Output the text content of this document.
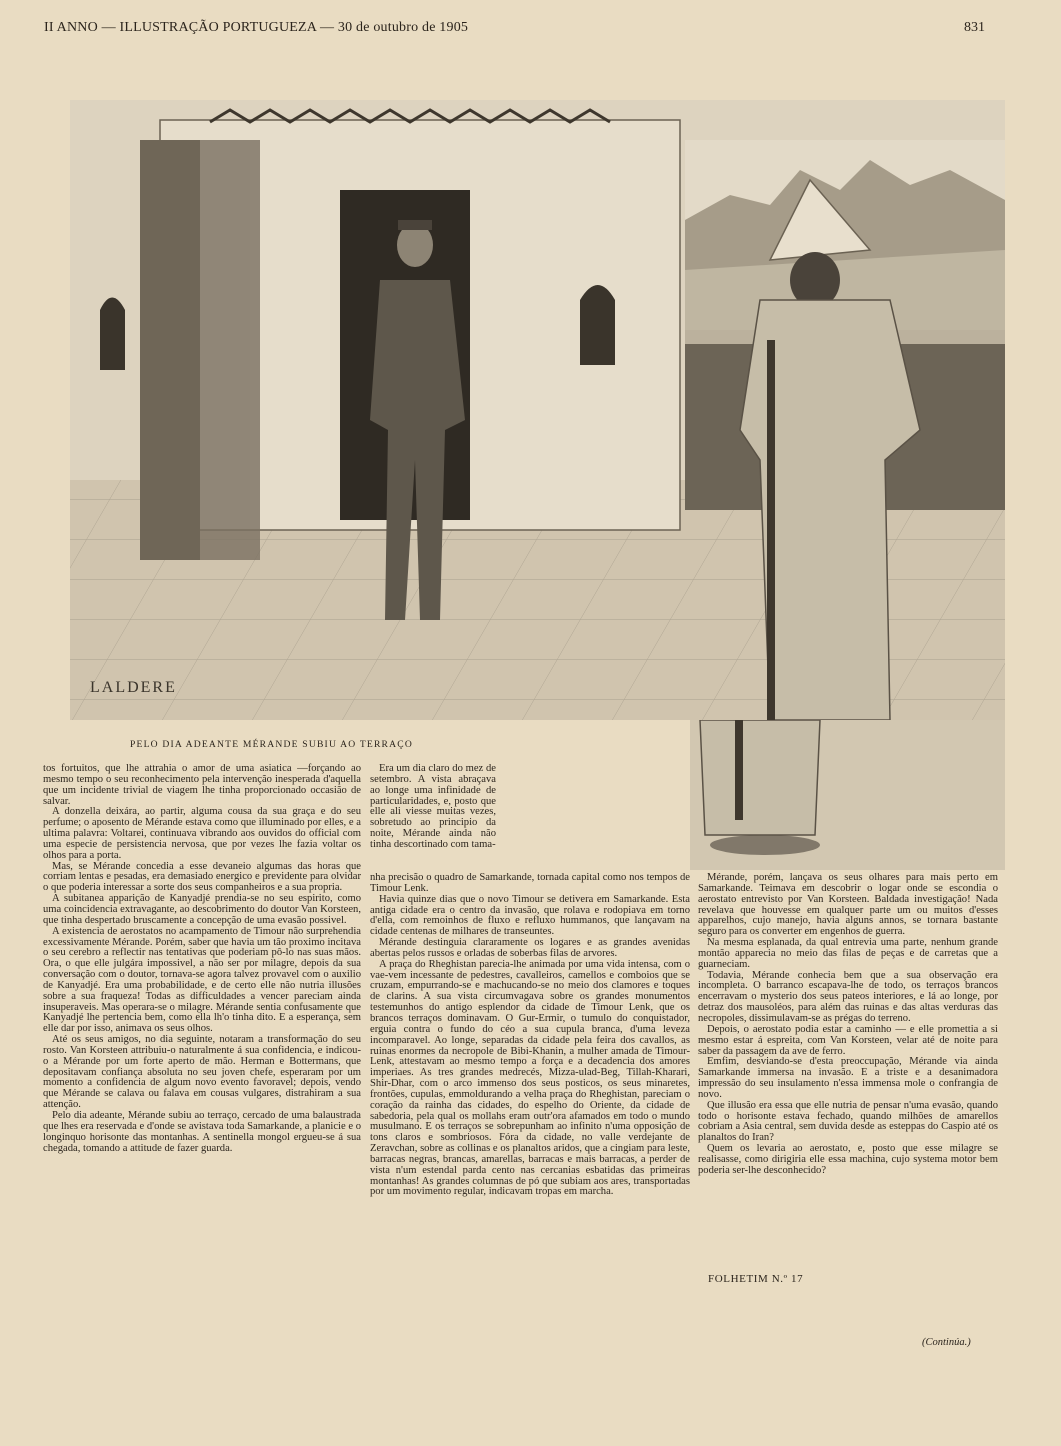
II ANNO — ILLUSTRAÇÃO PORTUGUEZA — 30 de outubro de 1905	831
LALDERE
PELO DIA ADEANTE MÉRANDE SUBIU AO TERRAÇO

tos fortuitos, que lhe attrahia o amor de uma asiatica —forçando ao mesmo tempo o seu reconhecimento pela intervenção inesperada d'aquella que um incidente trivial de viagem lhe tinha proporcionado occasião de salvar.

A donzella deixára, ao partir, alguma cousa da sua graça e do seu perfume; o aposento de Mérande estava como que illuminado por elles, e a ultima palavra: Voltarei, continuava vibrando aos ouvidos do official com uma especie de persistencia nervosa, que por vezes lhe fazia voltar os olhos para a porta.

Mas, se Mérande concedia a esse devaneio algumas das horas que corriam lentas e pesadas, era demasiado energico e previdente para olvidar o que poderia interessar a sorte dos seus companheiros e a sua propria.

A subitanea apparição de Kanyadjé prendia-se no seu espirito, como uma coincidencia extravagante, ao descobrimento do doutor Van Korsteen, que tinha despertado bruscamente a concepção de uma evasão possivel.

A existencia de aerostatos no acampamento de Timour não surprehendia excessivamente Mérande. Porém, saber que havia um tão proximo incitava o seu cerebro a reflectir nas tentativas que poderiam pô-lo nas suas mãos. Ora, o que elle julgára impossivel, a não ser por milagre, depois da sua conversação com o doutor, tornava-se agora talvez provavel com o auxilio de Kanyadjé. Era uma probabilidade, e de certo elle não nutria illusões sobre a sua fraqueza! Todas as difficuldades a vencer pareciam ainda insuperaveis. Mas operara-se o milagre. Mérande sentia confusamente que Kanyadjé lhe pertencia bem, como ella lh'o tinha dito. E a esperança, sem elle dar por isso, animava os seus olhos.

Até os seus amigos, no dia seguinte, notaram a transformação do seu rosto. Van Korsteen attribuiu-o naturalmente á sua confidencia, e indicou-o a Mérande por um forte aperto de mão. Herman e Bottermans, que depositavam confiança absoluta no seu joven chefe, esperaram por um momento a confidencia de algum novo evento favoravel; depois, vendo que Mérande se calava ou falava em cousas vulgares, distrahiram a sua attenção.

Pelo dia adeante, Mérande subiu ao terraço, cercado de uma balaustrada que lhes era reservada e d'onde se avistava toda Samarkande, a planicie e o longinquo horisonte das montanhas. A sentinella mongol ergueu-se á sua chegada, tomando a attitude de fazer guarda.

Era um dia claro do mez de setembro. A vista abraçava ao longe uma infinidade de particularidades, e, posto que elle ali viesse muitas vezes, sobretudo ao principio da noite, Mérande ainda não tinha descortinado com tama-

nha precisão o quadro de Samarkande, tornada capital como nos tempos de Timour Lenk.

Havia quinze dias que o novo Timour se detivera em Samarkande. Esta antiga cidade era o centro da invasão, que rolava e rodopiava em torno d'ella, com remoinhos de fluxo e refluxo hummanos, que lançavam na cidade centenas de milhares de transeuntes.

Mérande destinguia clararamente os logares e as grandes avenidas abertas pelos russos e orladas de soberbas filas de arvores.

A praça do Rheghistan parecia-lhe animada por uma vida intensa, com o vae-vem incessante de pedestres, cavalleiros, camellos e comboios que se cruzam, empurrando-se e machucando-se no meio dos clamores e toques de clarins. A sua vista circumvagava sobre os grandes monumentos testemunhos do antigo esplendor da cidade de Timour Lenk, que os brancos terraços dominavam. O Gur-Ermir, o tumulo do conquistador, erguia contra o fundo do céo a sua cupula branca, d'uma leveza incomparavel. Ao longe, separadas da cidade pela feira dos cavallos, as ruinas enormes da necropole de Bibi-Khanin, a mulher amada de Timour-Lenk, attestavam ao mesmo tempo a força e a decadencia dos amores imperiaes. As tres grandes medrecés, Mizza-ulad-Beg, Tillah-Kharari, Shir-Dhar, com o arco immenso dos seus posticos, os seus minaretes, frontões, cupulas, emmoldurando a velha praça do Rheghistan, pareciam o coração da rainha das cidades, do espelho do Oriente, da cidade de sabedoria, pela qual os mollahs eram outr'ora afamados em todo o mundo musulmano. E os terraços se sobrepunham ao infinito n'uma opposição de tons claros e sombriosos. Fóra da cidade, no valle verdejante de Zeravchan, sobre as collinas e os planaltos aridos, que a cingiam para leste, barracas negras, brancas, amarellas, barracas e mais barracas, a perder de vista n'um estendal parda cento nas cercanias esbatidas das primeiras montanhas! As grandes columnas de pó que subiam aos ares, transportadas por um movimento regular, indicavam tropas em marcha.

Mérande, porém, lançava os seus olhares para mais perto em Samarkande. Teimava em descobrir o logar onde se escondia o aerostato entrevisto por Van Korsteen. Baldada investigação! Nada revelava que houvesse em qualquer parte um ou muitos d'esses apparelhos, cujo manejo, havia alguns annos, se tornara bastante seguro para os converter em engenhos de guerra.

Na mesma esplanada, da qual entrevia uma parte, nenhum grande montão apparecia no meio das filas de peças e de carretas que a guarneciam.

Todavia, Mérande conhecia bem que a sua observação era incompleta. O barranco escapava-lhe de todo, os terraços brancos encerravam o mysterio dos seus pateos interiores, e lá ao longe, por detraz dos mausoléos, para além das ruinas e das altas verduras das necropoles, dissimulavam-se as prégas do terreno.

Depois, o aerostato podia estar a caminho — e elle promettia a si mesmo estar á espreita, com Van Korsteen, velar até de noite para saber da passagem da ave de ferro.

Emfim, desviando-se d'esta preoccupação, Mérande via ainda Samarkande immersa na invasão. E a triste e a desanimadora impressão do seu insulamento n'essa immensa mole o confrangia de novo.

Que illusão era essa que elle nutria de pensar n'uma evasão, quando todo o horisonte estava fechado, quando milhões de amarellos cobriam a Asia central, sem duvida desde as esteppas do Caspio até os planaltos do Iran?

Quem os levaria ao aerostato, e, posto que esse milagre se realisasse, como dirigiria elle essa machina, cujo systema motor bem poderia ser-lhe desconhecido?

FOLHETIM N.º 17
(Continúa.)
